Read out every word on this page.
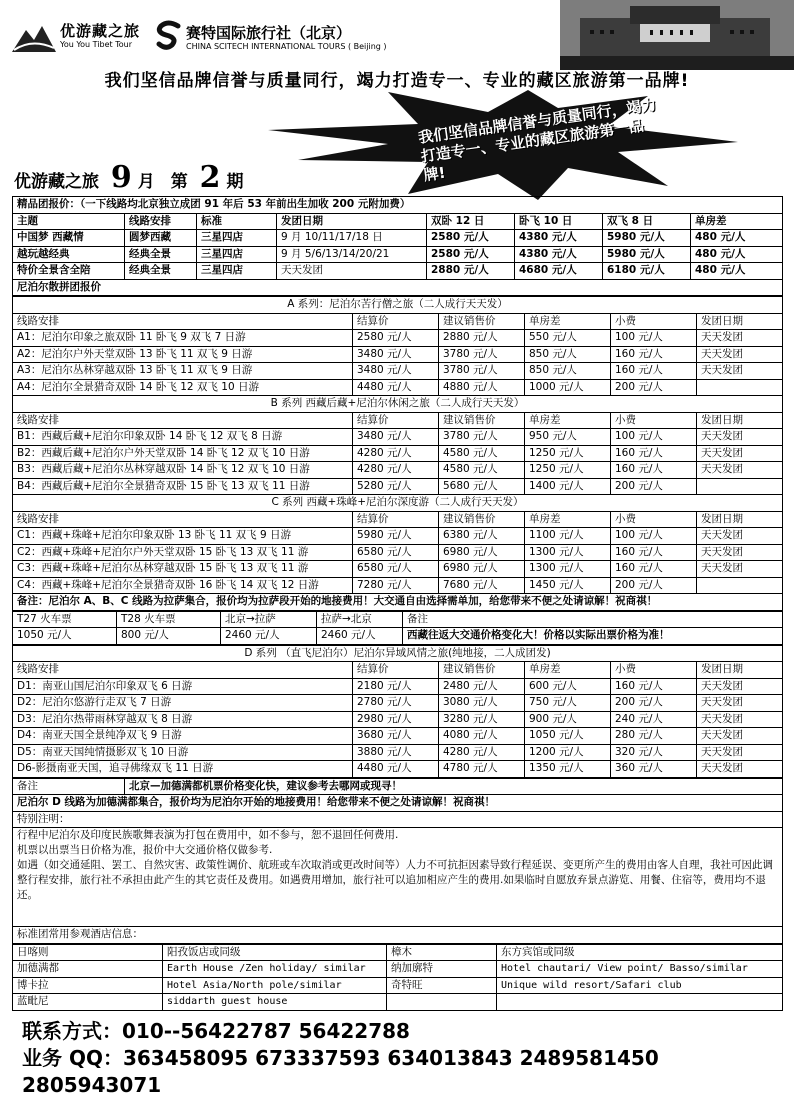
优游藏之旅
You You Tibet Tour
赛特国际旅行社（北京）
CHINA SCITECH INTERNATIONAL TOURS ( Beijing )
我们坚信品牌信誉与质量同行，竭力打造专一、专业的藏区旅游第一品牌!
我们坚信品牌信誉与质量同行，竭力打造专一、专业的藏区旅游第一品牌!
优游藏之旅 9 月 第 2 期
精品团报价：（一下线路均北京独立成团 91 年后 53 年前出生加收 200 元附加费）							
主题	线路安排	标准	发团日期	双卧 12 日	卧飞 10 日	双飞 8 日	单房差
中国梦 西藏情	圆梦西藏	三星四店	9 月 10/11/17/18 日	2580 元/人	4380 元/人	5980 元/人	480 元/人
越玩越经典	经典全景	三星四店	9 月 5/6/13/14/20/21	2580 元/人	4380 元/人	5980 元/人	480 元/人
特价全景含全陪	经典全景	三星四店	天天发团	2880 元/人	4680 元/人	6180 元/人	480 元/人
尼泊尔散拼团报价							
A 系列：尼泊尔苦行僧之旅（二人成行天天发）					
线路安排	结算价	建议销售价	单房差	小费	发团日期
A1：尼泊尔印象之旅双卧 11 卧飞 9 双飞 7 日游	2580 元/人	2880 元/人	550 元/人	100 元/人	天天发团
A2：尼泊尔户外天堂双卧 13 卧飞 11 双飞 9 日游	3480 元/人	3780 元/人	850 元/人	160 元/人	天天发团
A3：尼泊尔丛林穿越双卧 13 卧飞 11 双飞 9 日游	3480 元/人	3780 元/人	850 元/人	160 元/人	天天发团
A4：尼泊尔全景猎奇双卧 14 卧飞 12 双飞 10 日游	4480 元/人	4880 元/人	1000 元/人	200 元/人	
B 系列 西藏后藏+尼泊尔休闲之旅（二人成行天天发）					
线路安排	结算价	建议销售价	单房差	小费	发团日期
B1：西藏后藏+尼泊尔印象双卧 14 卧飞 12 双飞 8 日游	3480 元/人	3780 元/人	950 元/人	100 元/人	天天发团
B2：西藏后藏+尼泊尔户外天堂双卧 14 卧飞 12 双飞 10 日游	4280 元/人	4580 元/人	1250 元/人	160 元/人	天天发团
B3：西藏后藏+尼泊尔丛林穿越双卧 14 卧飞 12 双飞 10 日游	4280 元/人	4580 元/人	1250 元/人	160 元/人	天天发团
B4：西藏后藏+尼泊尔全景猎奇双卧 15 卧飞 13 双飞 11 日游	5280 元/人	5680 元/人	1400 元/人	200 元/人	
C 系列 西藏+珠峰+尼泊尔深度游（二人成行天天发）					
线路安排	结算价	建议销售价	单房差	小费	发团日期
C1：西藏+珠峰+尼泊尔印象双卧 13 卧飞 11 双飞 9 日游	5980 元/人	6380 元/人	1100 元/人	100 元/人	天天发团
C2：西藏+珠峰+尼泊尔户外天堂双卧 15 卧飞 13 双飞 11 游	6580 元/人	6980 元/人	1300 元/人	160 元/人	天天发团
C3：西藏+珠峰+尼泊尔丛林穿越双卧 15 卧飞 13 双飞 11 游	6580 元/人	6980 元/人	1300 元/人	160 元/人	天天发团
C4：西藏+珠峰+尼泊尔全景猎奇双卧 16 卧飞 14 双飞 12 日游	7280 元/人	7680 元/人	1450 元/人	200 元/人	
备注：尼泊尔 A、B、C 线路为拉萨集合，报价均为拉萨段开始的地接费用！大交通自由选择需单加，给您带来不便之处请谅解！祝商祺！					
T27 火车票	T28 火车票	北京→拉萨	拉萨→北京	备注
1050 元/人	800 元/人	2460 元/人	2460 元/人	西藏往返大交通价格变化大！价格以实际出票价格为准！
D 系列 （直飞尼泊尔）尼泊尔异域风情之旅(纯地接，二人成团发)					
线路安排	结算价	建议销售价	单房差	小费	发团日期
D1：南亚山国尼泊尔印象双飞 6 日游	2180 元/人	2480 元/人	600 元/人	160 元/人	天天发团
D2：尼泊尔悠游行走双飞 7 日游	2780 元/人	3080 元/人	750 元/人	200 元/人	天天发团
D3：尼泊尔热带雨林穿越双飞 8 日游	2980 元/人	3280 元/人	900 元/人	240 元/人	天天发团
D4：南亚天国全景纯净双飞 9 日游	3680 元/人	4080 元/人	1050 元/人	280 元/人	天天发团
D5：南亚天国纯情摄影双飞 10 日游	3880 元/人	4280 元/人	1200 元/人	320 元/人	天天发团
D6-影摄南亚天国，追寻佛缘双飞 11 日游	4480 元/人	4780 元/人	1350 元/人	360 元/人	天天发团
备注	北京—加德满都机票价格变化快，建议参考去哪网或现寻！
尼泊尔 D 线路为加德满都集合，报价均为尼泊尔开始的地接费用！给您带来不便之处请谅解！祝商祺！
特别注明：

行程中尼泊尔及印度民族歌舞表演为打包在费用中，如不参与，恕不退回任何费用.
机票以出票当日价格为准，报价中大交通价格仅做参考.
如遇（如交通延阻、罢工、自然灾害、政策性调价、航班或车次取消或更改时间等）人力不可抗拒因素导致行程延误、变更所产生的费用由客人自理，我社可因此调整行程安排，旅行社不承担由此产生的其它责任及费用。如遇费用增加，旅行社可以追加相应产生的费用.如果临时自愿放弃景点游览、用餐、住宿等，费用均不退还。

标准团常用参观酒店信息：
日喀则	阳孜饭店或同级	樟木	东方宾馆或同级
加德满都	Earth House /Zen holiday/ similar	纳加廓特	Hotel chautari/ View point/ Basso/similar
博卡拉	Hotel Asia/North pole/similar	奇特旺	Unique wild resort/Safari club
蓝毗尼	siddarth guest house		
联系方式：010--56422787 56422788
业务 QQ：363458095 673337593 634013843 2489581450 2805943071
